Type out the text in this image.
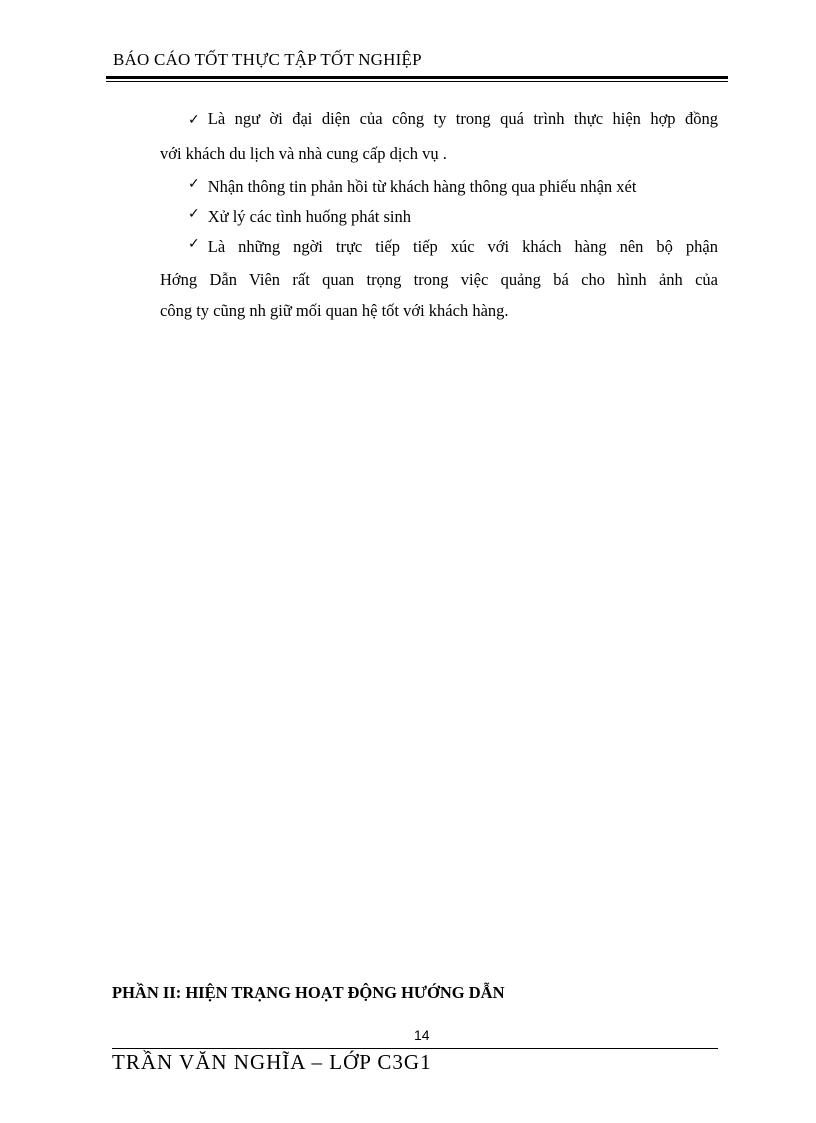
BÁO CÁO TỐT THỰC TẬP TỐT NGHIỆP
✓ Là ngư ời đại diện của công ty trong quá trình thực hiện hợp đồng
với khách du lịch và nhà cung cấp dịch vụ .
✓ Nhận thông tin phản hồi từ khách hàng thông qua phiếu nhận xét
✓ Xử lý các tình huống phát sinh
✓ Là những ngời trực tiếp tiếp xúc với khách hàng nên bộ phận
Hớng Dẫn Viên rất quan trọng trong việc quảng bá cho hình ảnh của
công ty cũng nh giữ mối quan hệ tốt với khách hàng.
PHẦN II: HIỆN TRẠNG HOẠT ĐỘNG HƯỚNG DẪN
14
TRẦN VĂN NGHĨA – LỚP C3G1
